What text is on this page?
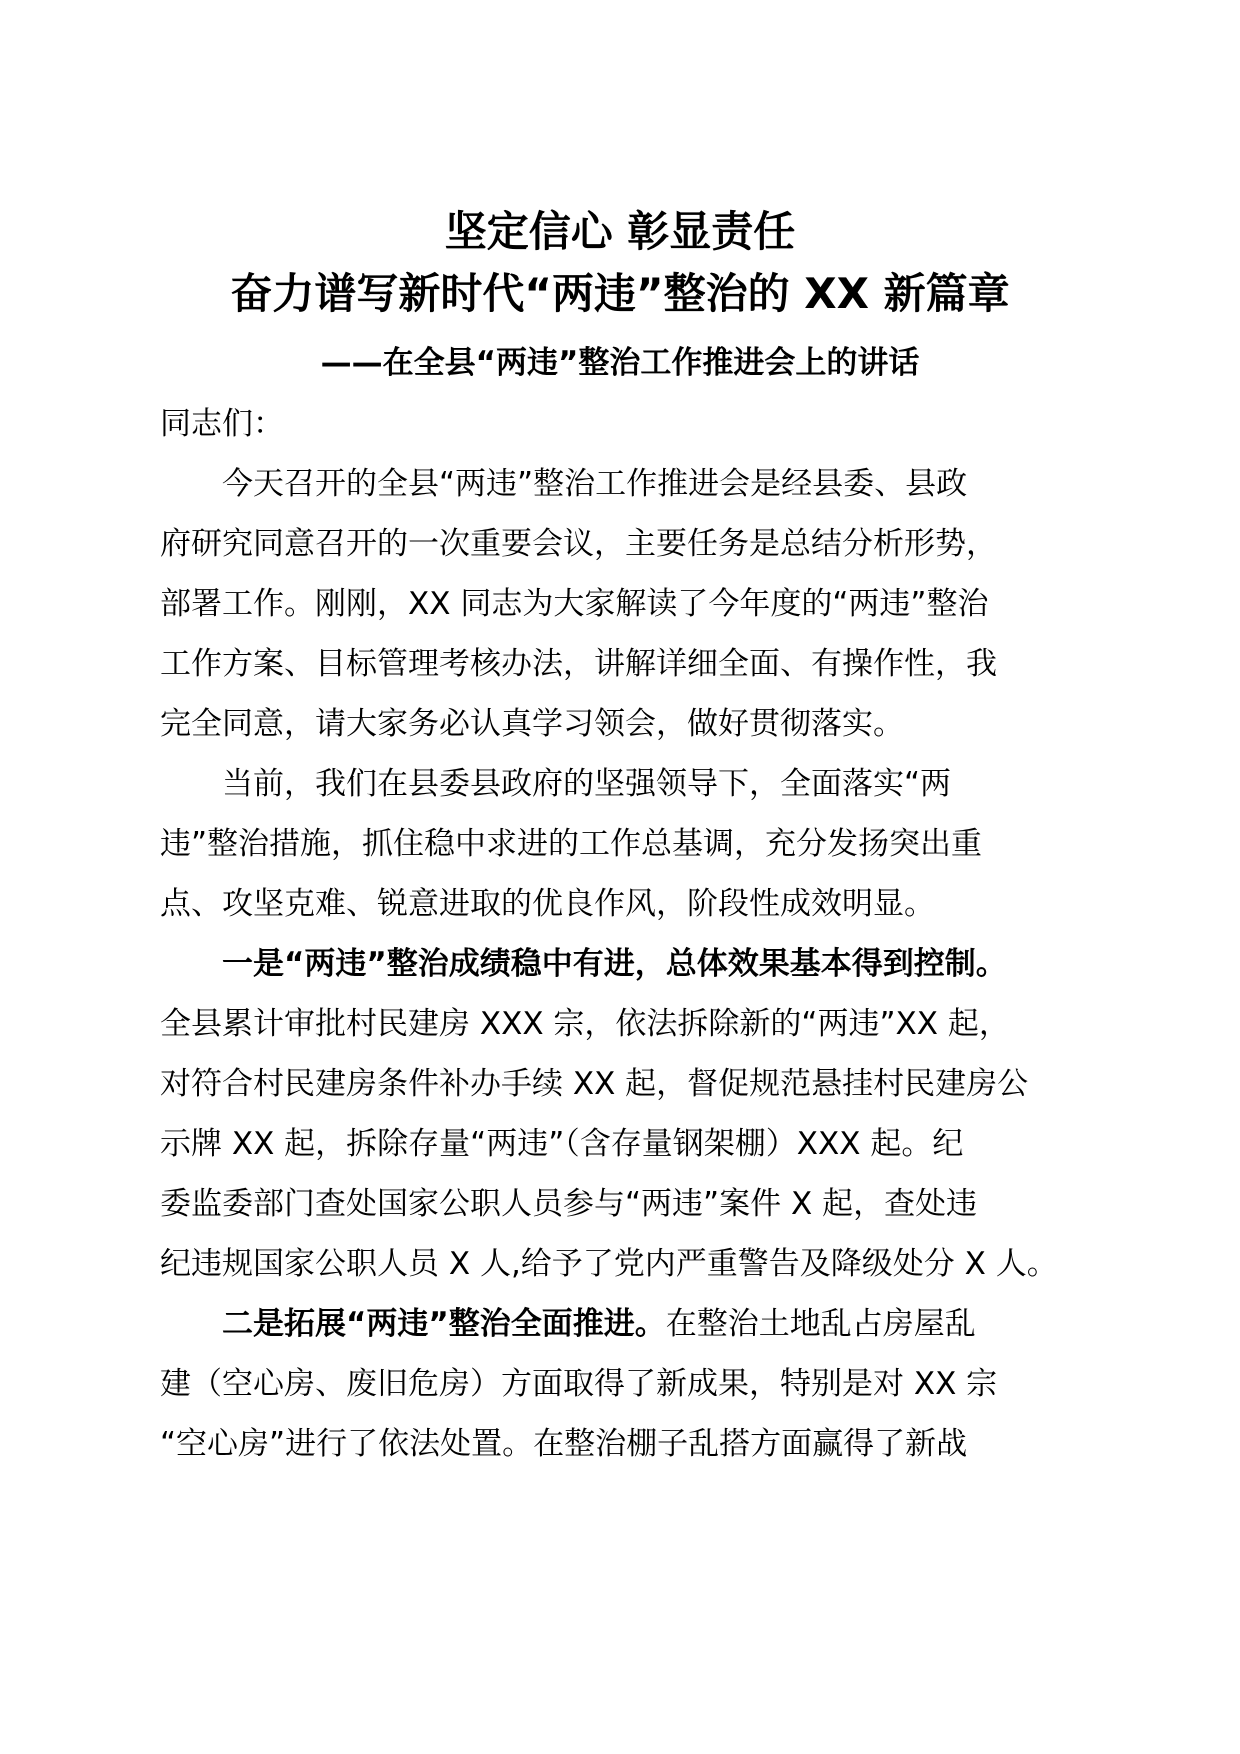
坚定信心 彰显责任
奋力谱写新时代“两违”整治的 XX 新篇章
——在全县“两违”整治工作推进会上的讲话
同志们：
　　今天召开的全县“两违”整治工作推进会是经县委、县政
府研究同意召开的一次重要会议，主要任务是总结分析形势，
部署工作。刚刚，XX 同志为大家解读了今年度的“两违”整治
工作方案、目标管理考核办法，讲解详细全面、有操作性，我
完全同意，请大家务必认真学习领会，做好贯彻落实。
　　当前，我们在县委县政府的坚强领导下，全面落实“两
违”整治措施，抓住稳中求进的工作总基调，充分发扬突出重
点、攻坚克难、锐意进取的优良作风，阶段性成效明显。
　　一是“两违”整治成绩稳中有进，总体效果基本得到控制。
全县累计审批村民建房 XXX 宗，依法拆除新的“两违”XX 起，
对符合村民建房条件补办手续 XX 起，督促规范悬挂村民建房公
示牌 XX 起，拆除存量“两违”（含存量钢架棚）XXX 起。纪
委监委部门查处国家公职人员参与“两违”案件 X 起，查处违
纪违规国家公职人员 X 人,给予了党内严重警告及降级处分 X 人。
　　二是拓展“两违”整治全面推进。在整治土地乱占房屋乱
建（空心房、废旧危房）方面取得了新成果，特别是对 XX 宗
“空心房”进行了依法处置。在整治棚子乱搭方面赢得了新战
